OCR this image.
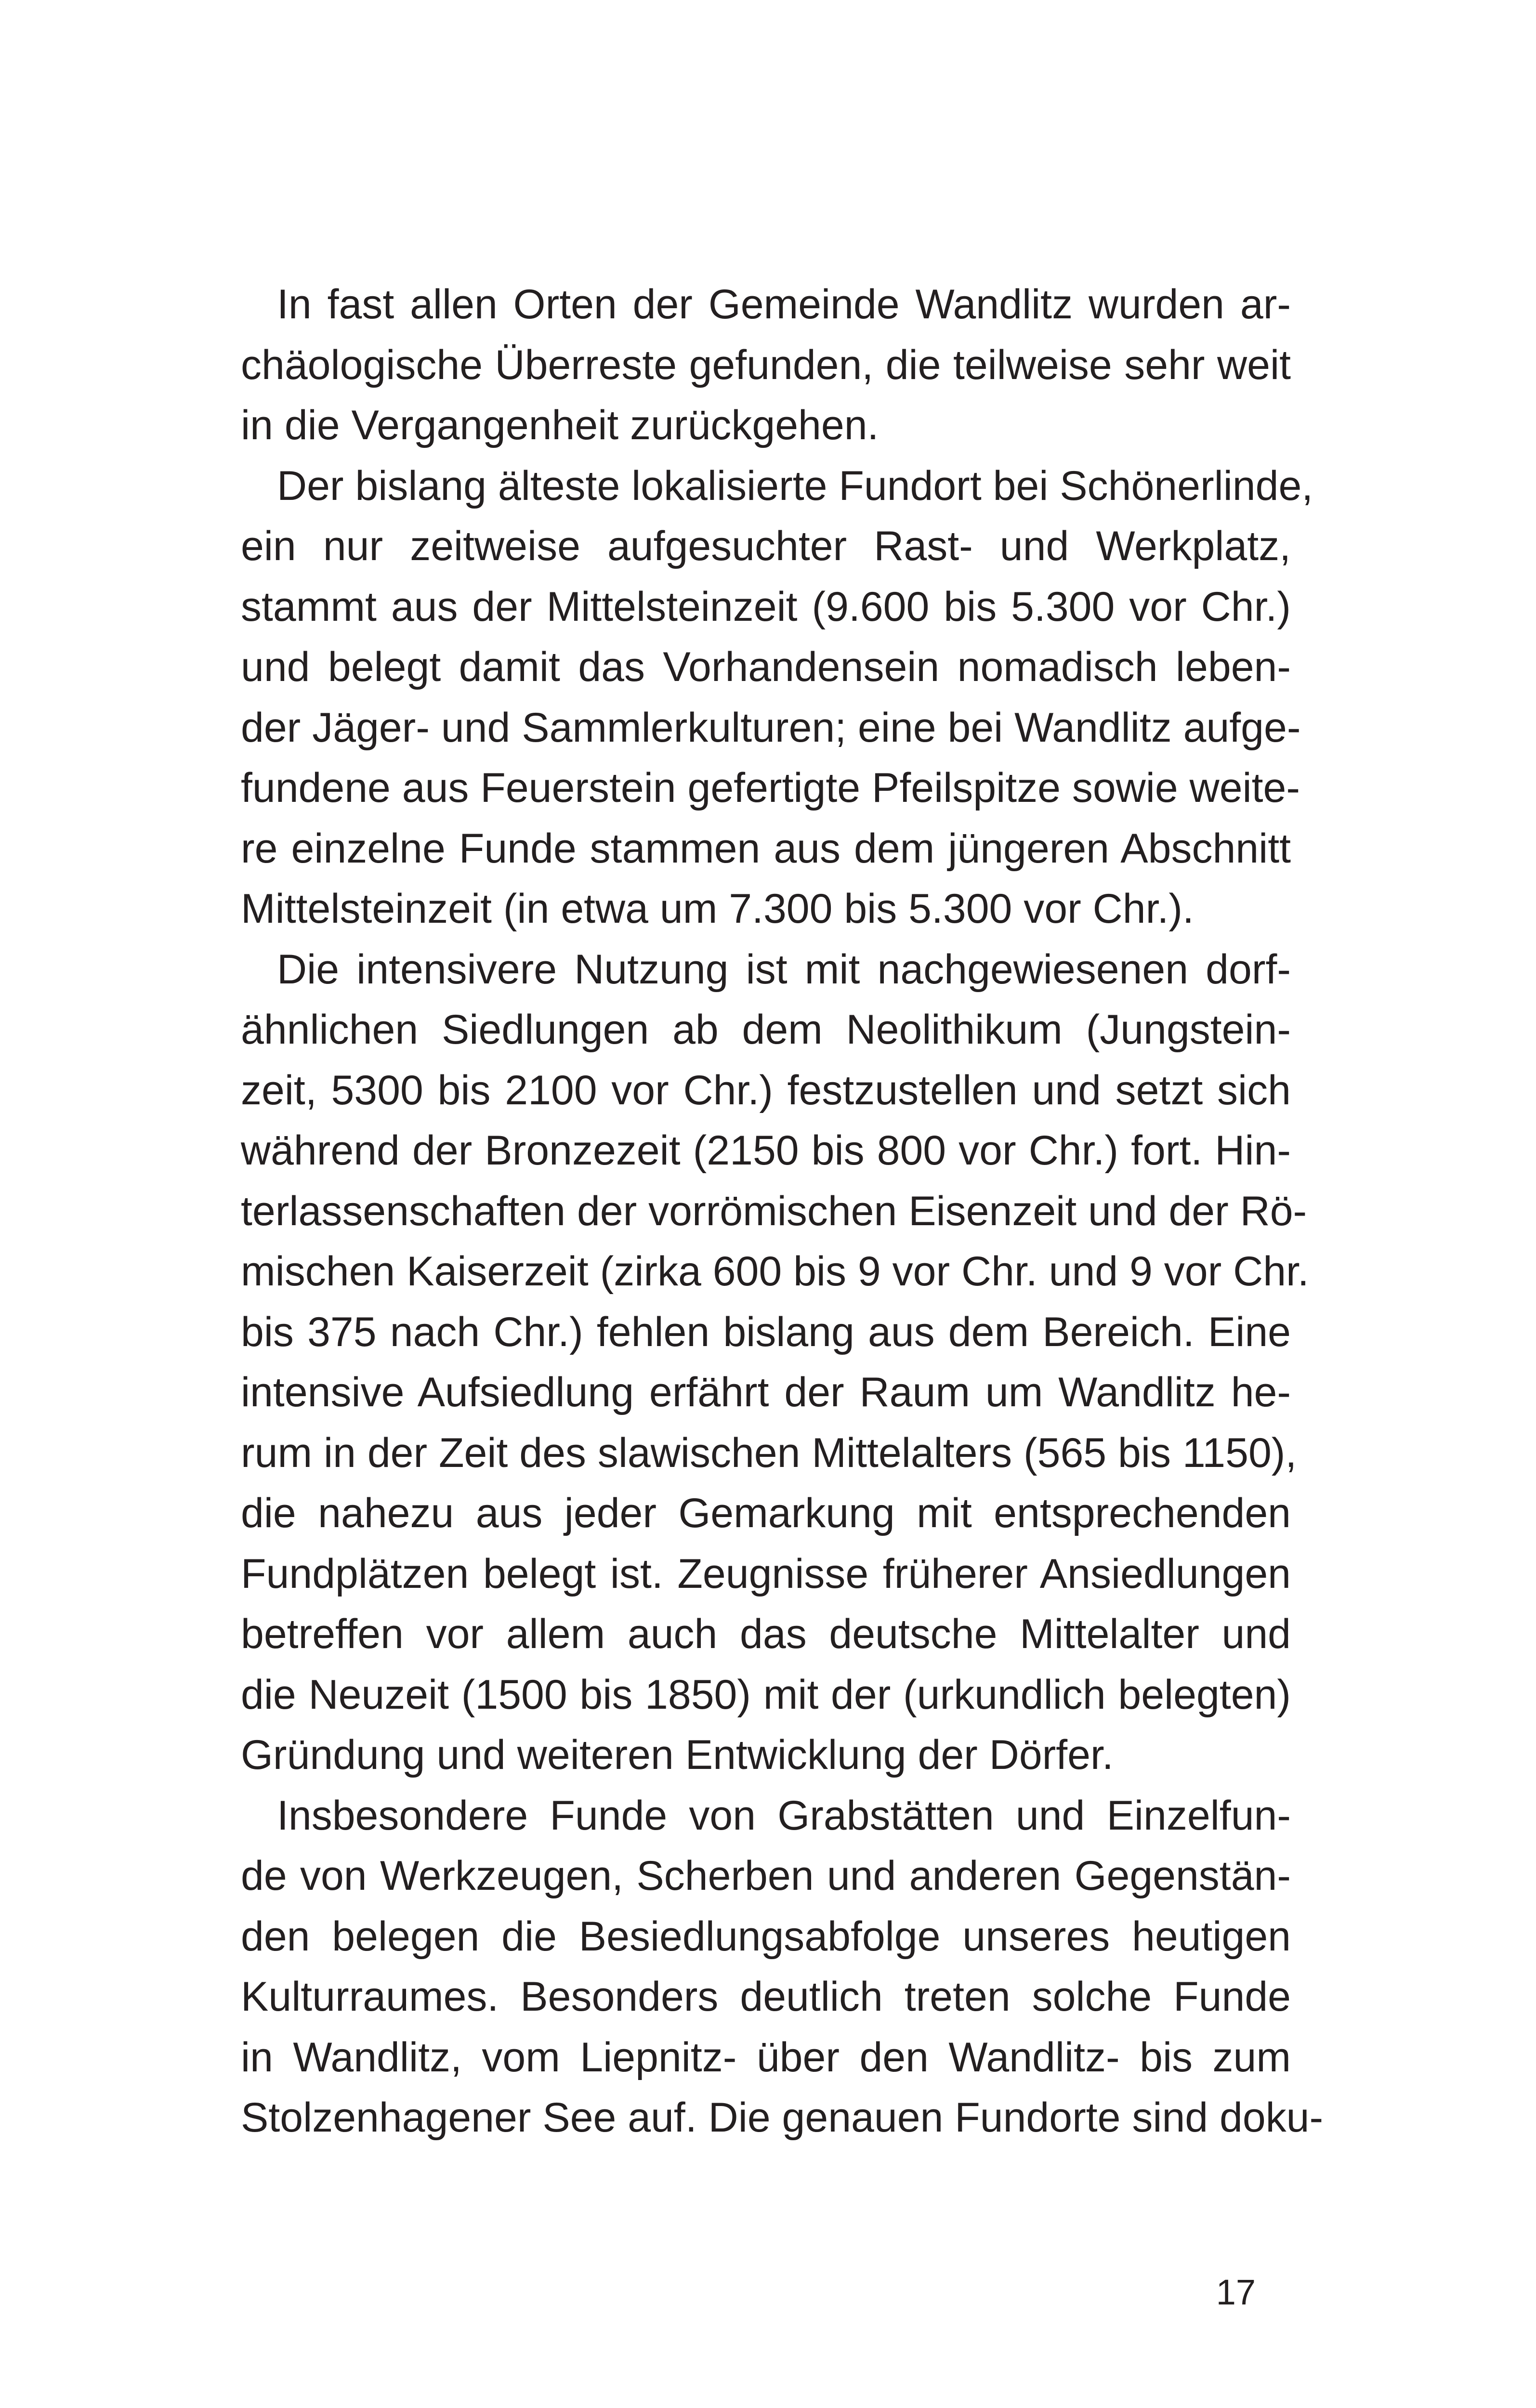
In fast allen Orten der Gemeinde Wandlitz wurden ar-
chäologische Überreste gefunden, die teilweise sehr weit
in die Vergangenheit zurückgehen.
Der bislang älteste lokalisierte Fundort bei Schönerlinde,
ein nur zeitweise aufgesuchter Rast- und Werkplatz,
stammt aus der Mittelsteinzeit (9.600 bis 5.300 vor Chr.)
und belegt damit das Vorhandensein nomadisch leben-
der Jäger- und Sammlerkulturen; eine bei Wandlitz aufge-
fundene aus Feuerstein gefertigte Pfeilspitze sowie weite-
re einzelne Funde stammen aus dem jüngeren Abschnitt
Mittelsteinzeit (in etwa um 7.300 bis 5.300 vor Chr.).
Die intensivere Nutzung ist mit nachgewiesenen dorf-
ähnlichen Siedlungen ab dem Neolithikum (Jungstein-
zeit, 5300 bis 2100 vor Chr.) festzustellen und setzt sich
während der Bronzezeit (2150 bis 800 vor Chr.) fort. Hin-
terlassenschaften der vorrömischen Eisenzeit und der Rö-
mischen Kaiserzeit (zirka 600 bis 9 vor Chr. und 9 vor Chr.
bis 375 nach Chr.) fehlen bislang aus dem Bereich. Eine
intensive Aufsiedlung erfährt der Raum um Wandlitz he-
rum in der Zeit des slawischen Mittelalters (565 bis 1150),
die nahezu aus jeder Gemarkung mit entsprechenden
Fundplätzen belegt ist. Zeugnisse früherer Ansiedlungen
betreffen vor allem auch das deutsche Mittelalter und
die Neuzeit (1500 bis 1850) mit der (urkundlich belegten)
Gründung und weiteren Entwicklung der Dörfer.
Insbesondere Funde von Grabstätten und Einzelfun-
de von Werkzeugen, Scherben und anderen Gegenstän-
den belegen die Besiedlungsabfolge unseres heutigen
Kulturraumes. Besonders deutlich treten solche Funde
in Wandlitz, vom Liepnitz- über den Wandlitz- bis zum
Stolzenhagener See auf. Die genauen Fundorte sind doku-
17
